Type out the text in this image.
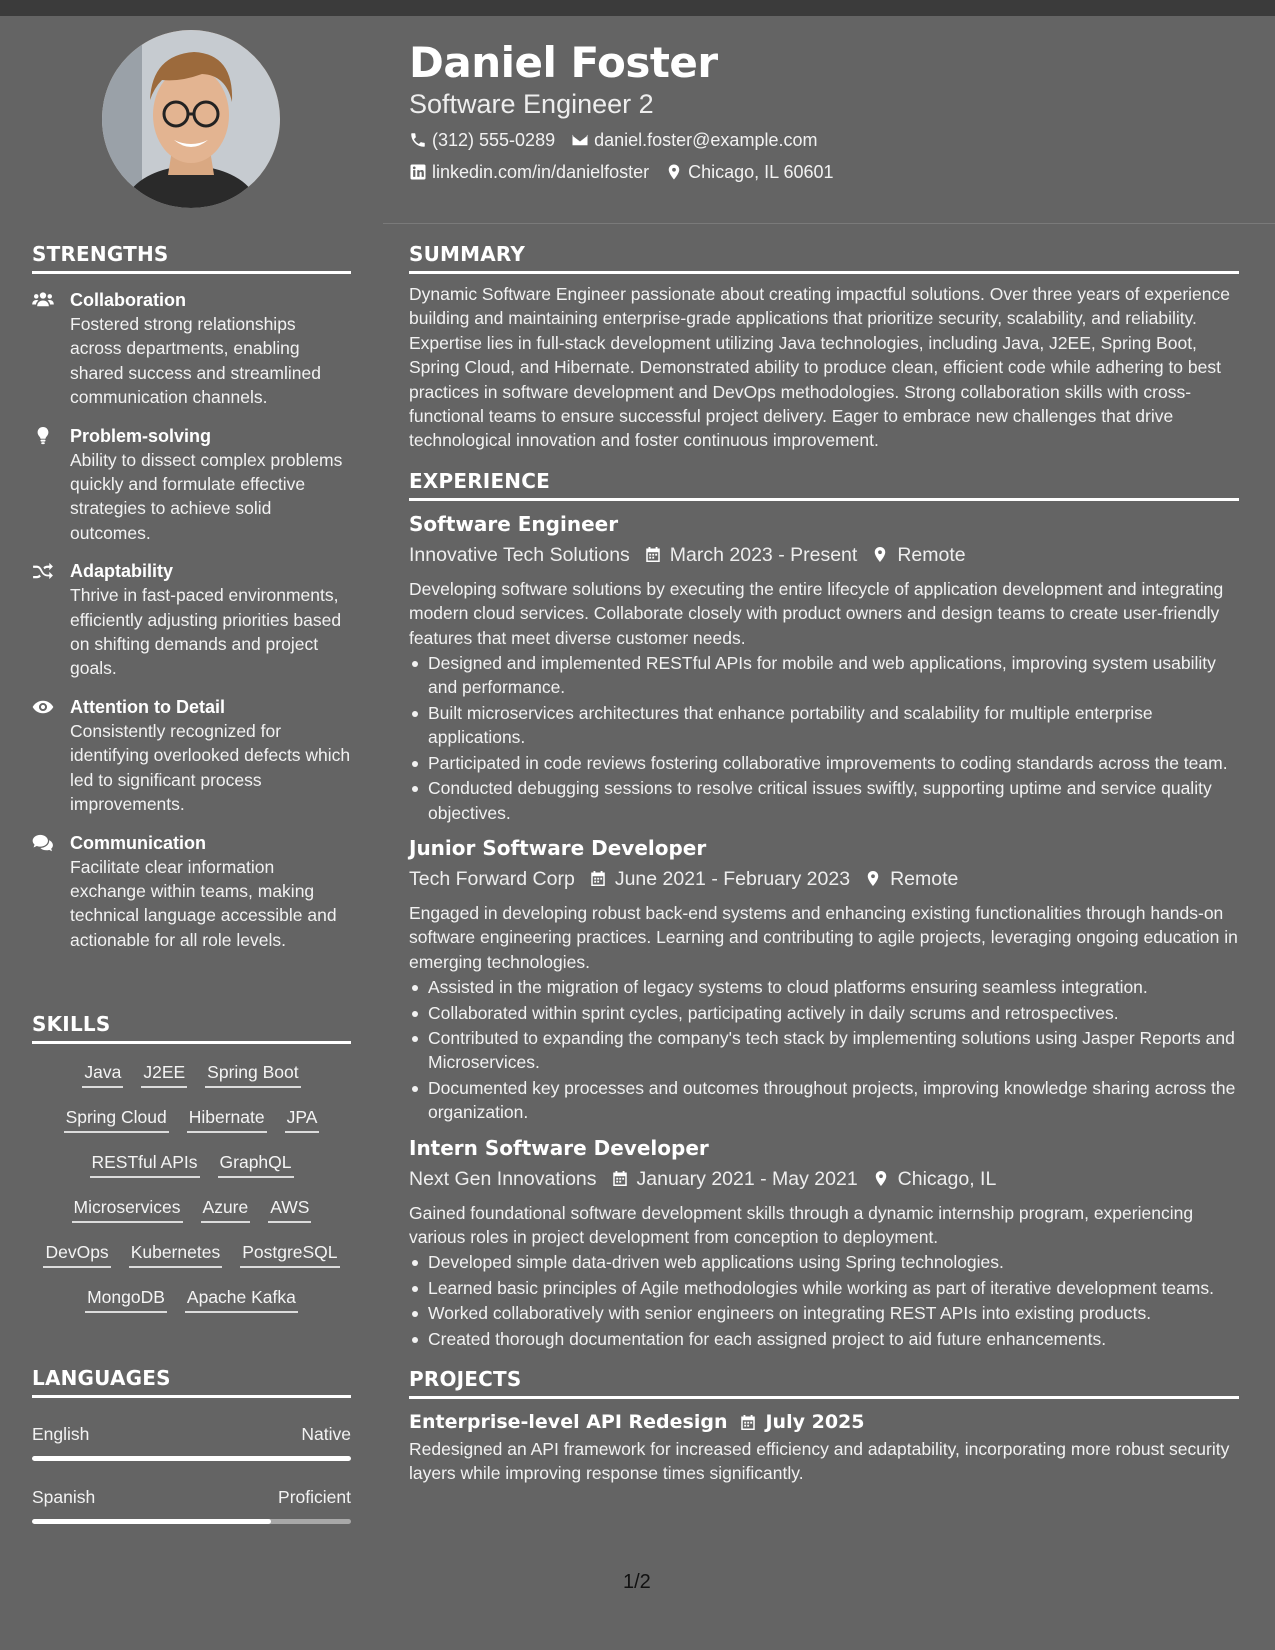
Daniel Foster
Software Engineer 2
(312) 555-0289 daniel.foster@example.com
linkedin.com/in/danielfoster Chicago, IL 60601
STRENGTHS
Collaboration
Fostered strong relationships across departments, enabling shared success and streamlined communication channels.
Problem-solving
Ability to dissect complex problems quickly and formulate effective strategies to achieve solid outcomes.
Adaptability
Thrive in fast-paced environments, efficiently adjusting priorities based on shifting demands and project goals.
Attention to Detail
Consistently recognized for identifying overlooked defects which led to significant process improvements.
Communication
Facilitate clear information exchange within teams, making technical language accessible and actionable for all role levels.
SKILLS
Java J2EE Spring Boot
Spring Cloud Hibernate JPA
RESTful APIs GraphQL
Microservices Azure AWS
DevOps Kubernetes PostgreSQL
MongoDB Apache Kafka
LANGUAGES
English	Native
Spanish	Proficient
SUMMARY
Dynamic Software Engineer passionate about creating impactful solutions. Over three years of experience building and maintaining enterprise-grade applications that prioritize security, scalability, and reliability. Expertise lies in full-stack development utilizing Java technologies, including Java, J2EE, Spring Boot, Spring Cloud, and Hibernate. Demonstrated ability to produce clean, efficient code while adhering to best practices in software development and DevOps methodologies. Strong collaboration skills with cross-functional teams to ensure successful project delivery. Eager to embrace new challenges that drive technological innovation and foster continuous improvement.
EXPERIENCE
Software Engineer
Innovative Tech Solutions March 2023 - Present Remote
Developing software solutions by executing the entire lifecycle of application development and integrating modern cloud services. Collaborate closely with product owners and design teams to create user-friendly features that meet diverse customer needs.
Designed and implemented RESTful APIs for mobile and web applications, improving system usability and performance.
Built microservices architectures that enhance portability and scalability for multiple enterprise applications.
Participated in code reviews fostering collaborative improvements to coding standards across the team.
Conducted debugging sessions to resolve critical issues swiftly, supporting uptime and service quality objectives.
Junior Software Developer
Tech Forward Corp June 2021 - February 2023 Remote
Engaged in developing robust back-end systems and enhancing existing functionalities through hands-on software engineering practices. Learning and contributing to agile projects, leveraging ongoing education in emerging technologies.
Assisted in the migration of legacy systems to cloud platforms ensuring seamless integration.
Collaborated within sprint cycles, participating actively in daily scrums and retrospectives.
Contributed to expanding the company's tech stack by implementing solutions using Jasper Reports and Microservices.
Documented key processes and outcomes throughout projects, improving knowledge sharing across the organization.
Intern Software Developer
Next Gen Innovations January 2021 - May 2021 Chicago, IL
Gained foundational software development skills through a dynamic internship program, experiencing various roles in project development from conception to deployment.
Developed simple data-driven web applications using Spring technologies.
Learned basic principles of Agile methodologies while working as part of iterative development teams.
Worked collaboratively with senior engineers on integrating REST APIs into existing products.
Created thorough documentation for each assigned project to aid future enhancements.
PROJECTS
Enterprise-level API Redesign July 2025
Redesigned an API framework for increased efficiency and adaptability, incorporating more robust security layers while improving response times significantly.
1/2
